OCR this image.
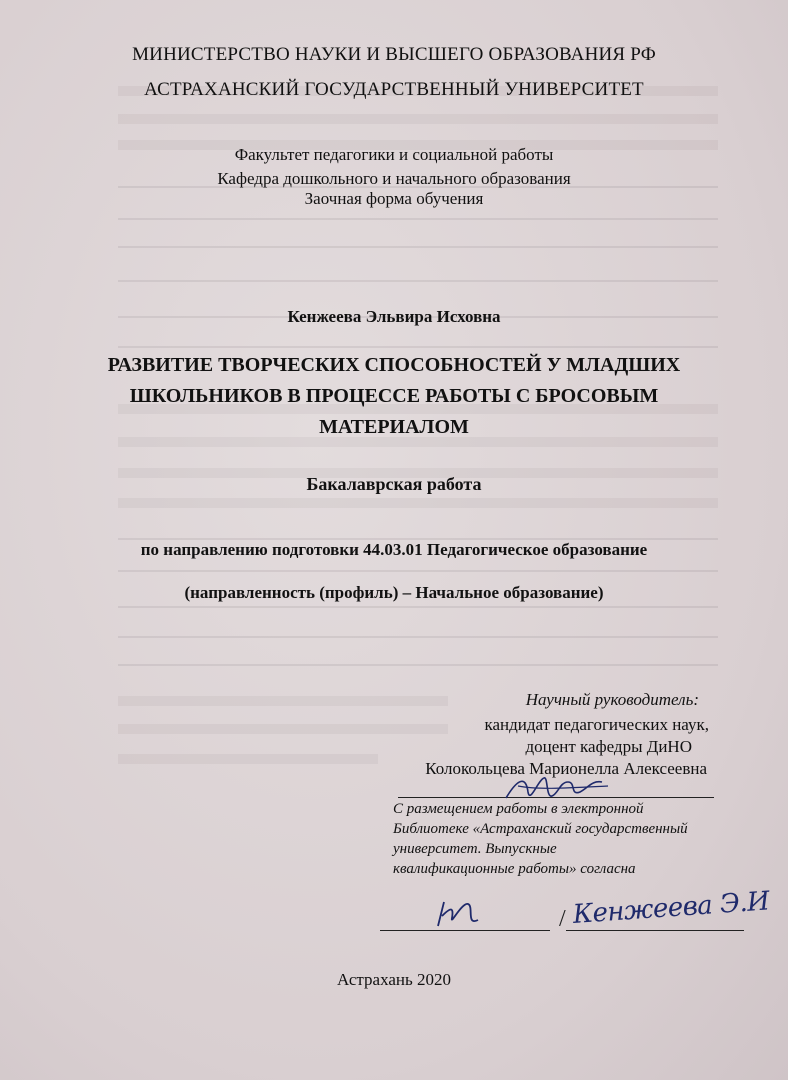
МИНИСТЕРСТВО НАУКИ И ВЫСШЕГО ОБРАЗОВАНИЯ РФ
АСТРАХАНСКИЙ ГОСУДАРСТВЕННЫЙ УНИВЕРСИТЕТ
Факультет педагогики и социальной работы
Кафедра дошкольного и начального образования
Заочная форма обучения
Кенжеева Эльвира Исховна
РАЗВИТИЕ ТВОРЧЕСКИХ СПОСОБНОСТЕЙ У МЛАДШИХ
ШКОЛЬНИКОВ В ПРОЦЕССЕ РАБОТЫ С БРОСОВЫМ
МАТЕРИАЛОМ
Бакалаврская работа
по направлению подготовки 44.03.01 Педагогическое образование
(направленность (профиль) – Начальное образование)
Научный руководитель:
кандидат педагогических наук,
доцент кафедры ДиНО
Колокольцева Марионелла Алексеевна
С размещением работы в электронной
Библиотеке «Астраханский государственный
университет. Выпускные
квалификационные работы» согласна
/ Кенжеева Э.И
Астрахань 2020
